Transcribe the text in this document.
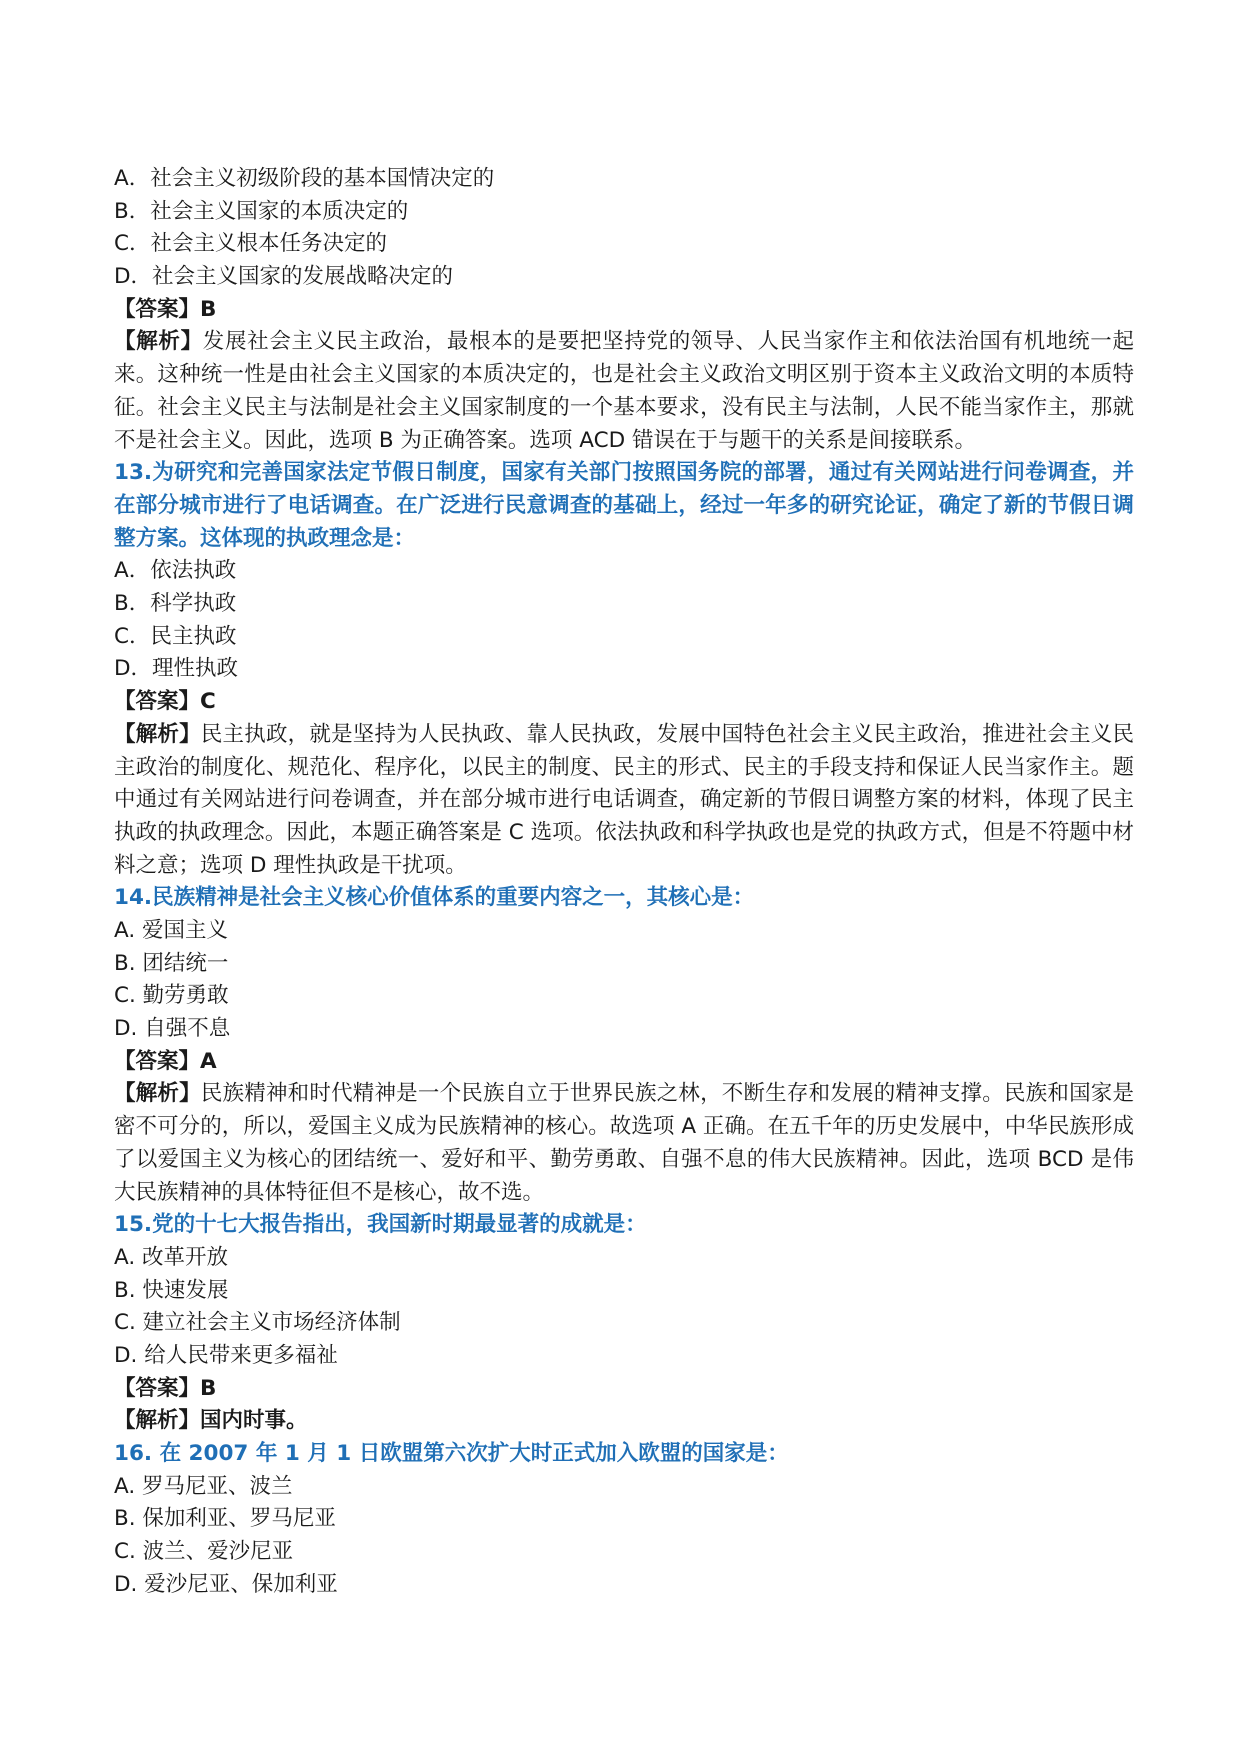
A．社会主义初级阶段的基本国情决定的
B．社会主义国家的本质决定的
C．社会主义根本任务决定的
D．社会主义国家的发展战略决定的
【答案】B
【解析】发展社会主义民主政治，最根本的是要把坚持党的领导、人民当家作主和依法治国有机地统一起来。这种统一性是由社会主义国家的本质决定的，也是社会主义政治文明区别于资本主义政治文明的本质特征。社会主义民主与法制是社会主义国家制度的一个基本要求，没有民主与法制，人民不能当家作主，那就不是社会主义。因此，选项 B 为正确答案。选项 ACD 错误在于与题干的关系是间接联系。
13.为研究和完善国家法定节假日制度，国家有关部门按照国务院的部署，通过有关网站进行问卷调查，并在部分城市进行了电话调查。在广泛进行民意调查的基础上，经过一年多的研究论证，确定了新的节假日调整方案。这体现的执政理念是：
A．依法执政
B．科学执政
C．民主执政
D．理性执政
【答案】C
【解析】民主执政，就是坚持为人民执政、靠人民执政，发展中国特色社会主义民主政治，推进社会主义民主政治的制度化、规范化、程序化，以民主的制度、民主的形式、民主的手段支持和保证人民当家作主。题中通过有关网站进行问卷调查，并在部分城市进行电话调查，确定新的节假日调整方案的材料，体现了民主执政的执政理念。因此，本题正确答案是 C 选项。依法执政和科学执政也是党的执政方式，但是不符题中材料之意；选项 D 理性执政是干扰项。
14.民族精神是社会主义核心价值体系的重要内容之一，其核心是：
A. 爱国主义
B. 团结统一
C. 勤劳勇敢
D. 自强不息
【答案】A
【解析】民族精神和时代精神是一个民族自立于世界民族之林，不断生存和发展的精神支撑。民族和国家是密不可分的，所以，爱国主义成为民族精神的核心。故选项 A 正确。在五千年的历史发展中，中华民族形成了以爱国主义为核心的团结统一、爱好和平、勤劳勇敢、自强不息的伟大民族精神。因此，选项 BCD 是伟大民族精神的具体特征但不是核心，故不选。
15.党的十七大报告指出，我国新时期最显著的成就是：
A. 改革开放
B. 快速发展
C. 建立社会主义市场经济体制
D. 给人民带来更多福祉
【答案】B
【解析】国内时事。
16. 在 2007 年 1 月 1 日欧盟第六次扩大时正式加入欧盟的国家是：
A. 罗马尼亚、波兰
B. 保加利亚、罗马尼亚
C. 波兰、爱沙尼亚
D. 爱沙尼亚、保加利亚
